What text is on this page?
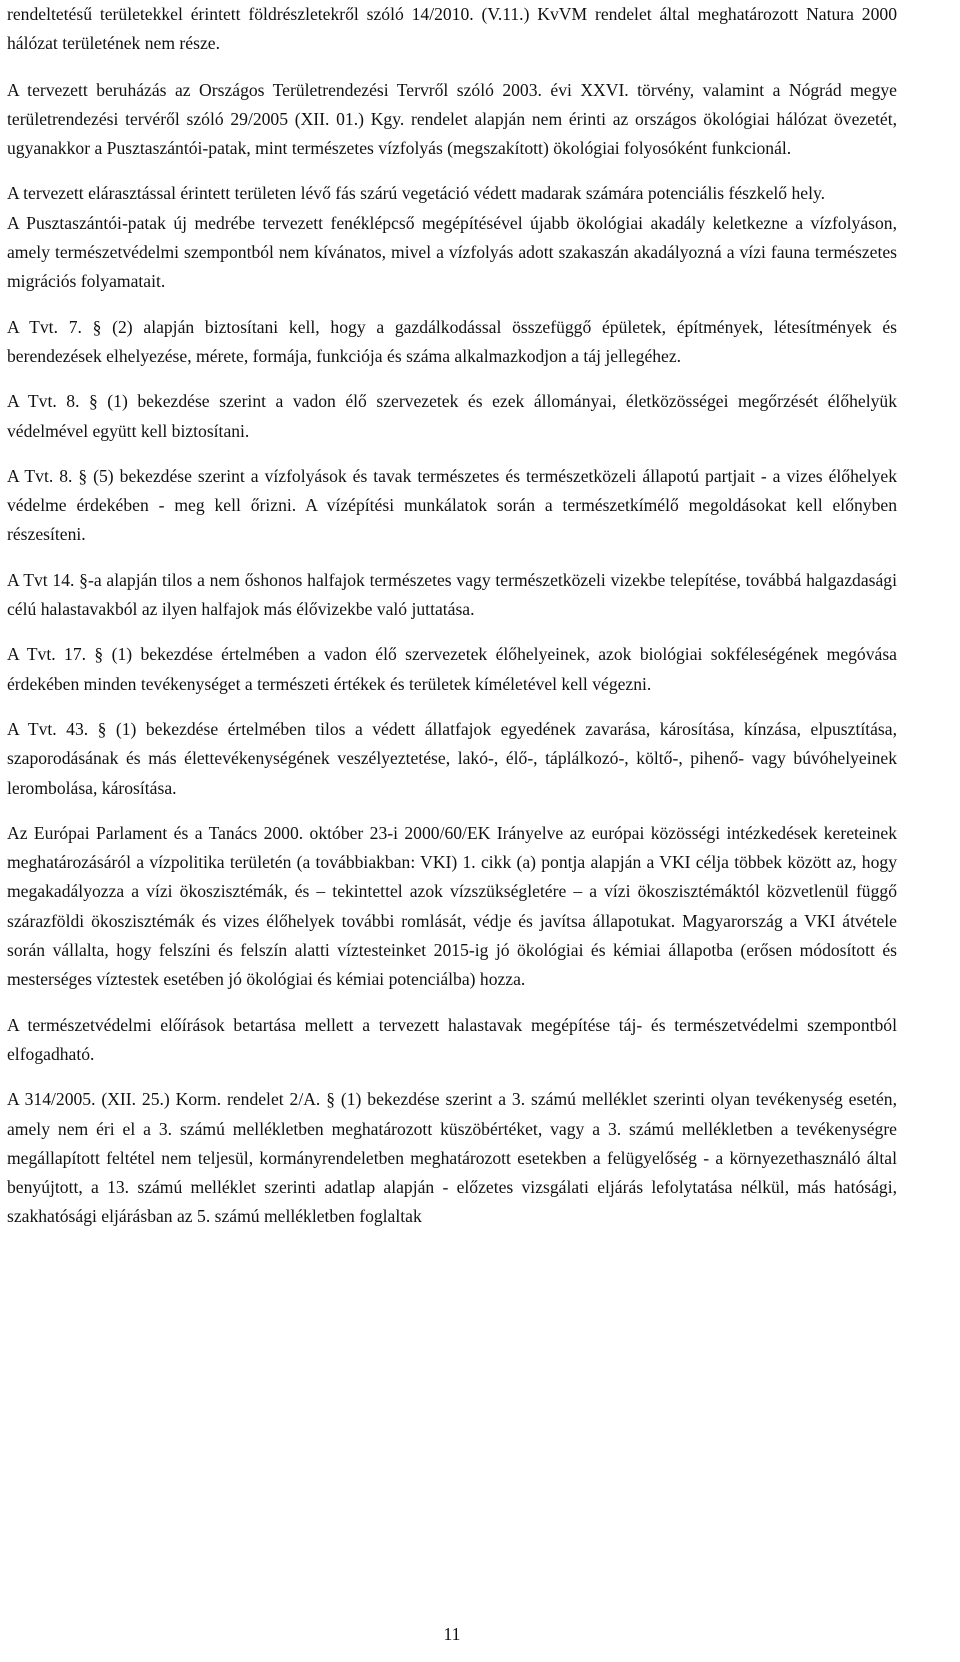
rendeltetésű területekkel érintett földrészletekről szóló 14/2010. (V.11.) KvVM rendelet által meghatározott Natura 2000 hálózat területének nem része.

A tervezett beruházás az Országos Területrendezési Tervről szóló 2003. évi XXVI. törvény, valamint a Nógrád megye területrendezési tervéről szóló 29/2005 (XII. 01.) Kgy. rendelet alapján nem érinti az országos ökológiai hálózat övezetét, ugyanakkor a Pusztaszántói-patak, mint természetes vízfolyás (megszakított) ökológiai folyosóként funkcionál.

A tervezett elárasztással érintett területen lévő fás szárú vegetáció védett madarak számára potenciális fészkelő hely.

A Pusztaszántói-patak új medrébe tervezett fenéklépcső megépítésével újabb ökológiai akadály keletkezne a vízfolyáson, amely természetvédelmi szempontból nem kívánatos, mivel a vízfolyás adott szakaszán akadályozná a vízi fauna természetes migrációs folyamatait.

A Tvt. 7. § (2) alapján biztosítani kell, hogy a gazdálkodással összefüggő épületek, építmények, létesítmények és berendezések elhelyezése, mérete, formája, funkciója és száma alkalmazkodjon a táj jellegéhez.

A Tvt. 8. § (1) bekezdése szerint a vadon élő szervezetek és ezek állományai, életközösségei megőrzését élőhelyük védelmével együtt kell biztosítani.

A Tvt. 8. § (5) bekezdése szerint a vízfolyások és tavak természetes és természetközeli állapotú partjait - a vizes élőhelyek védelme érdekében - meg kell őrizni. A vízépítési munkálatok során a természetkímélő megoldásokat kell előnyben részesíteni.

A Tvt 14. §-a alapján tilos a nem őshonos halfajok természetes vagy természetközeli vizekbe telepítése, továbbá halgazdasági célú halastavakból az ilyen halfajok más élővizekbe való juttatása.

A Tvt. 17. § (1) bekezdése értelmében a vadon élő szervezetek élőhelyeinek, azok biológiai sokféleségének megóvása érdekében minden tevékenységet a természeti értékek és területek kíméletével kell végezni.

A Tvt. 43. § (1) bekezdése értelmében tilos a védett állatfajok egyedének zavarása, károsítása, kínzása, elpusztítása, szaporodásának és más élettevékenységének veszélyeztetése, lakó-, élő-, táplálkozó-, költő-, pihenő- vagy búvóhelyeinek lerombolása, károsítása.

Az Európai Parlament és a Tanács 2000. október 23-i 2000/60/EK Irányelve az európai közösségi intézkedések kereteinek meghatározásáról a vízpolitika területén (a továbbiakban: VKI) 1. cikk (a) pontja alapján a VKI célja többek között az, hogy megakadályozza a vízi ökoszisztémák, és – tekintettel azok vízszükségletére – a vízi ökoszisztémáktól közvetlenül függő szárazföldi ökoszisztémák és vizes élőhelyek további romlását, védje és javítsa állapotukat. Magyarország a VKI átvétele során vállalta, hogy felszíni és felszín alatti víztesteinket 2015-ig jó ökológiai és kémiai állapotba (erősen módosított és mesterséges víztestek esetében jó ökológiai és kémiai potenciálba) hozza.

A természetvédelmi előírások betartása mellett a tervezett halastavak megépítése táj- és természetvédelmi szempontból elfogadható.

A 314/2005. (XII. 25.) Korm. rendelet 2/A. § (1) bekezdése szerint a 3. számú melléklet szerinti olyan tevékenység esetén, amely nem éri el a 3. számú mellékletben meghatározott küszöbértéket, vagy a 3. számú mellékletben a tevékenységre megállapított feltétel nem teljesül, kormányrendeletben meghatározott esetekben a felügyelőség - a környezethasználó által benyújtott, a 13. számú melléklet szerinti adatlap alapján - előzetes vizsgálati eljárás lefolytatása nélkül, más hatósági, szakhatósági eljárásban az 5. számú mellékletben foglaltak

11
